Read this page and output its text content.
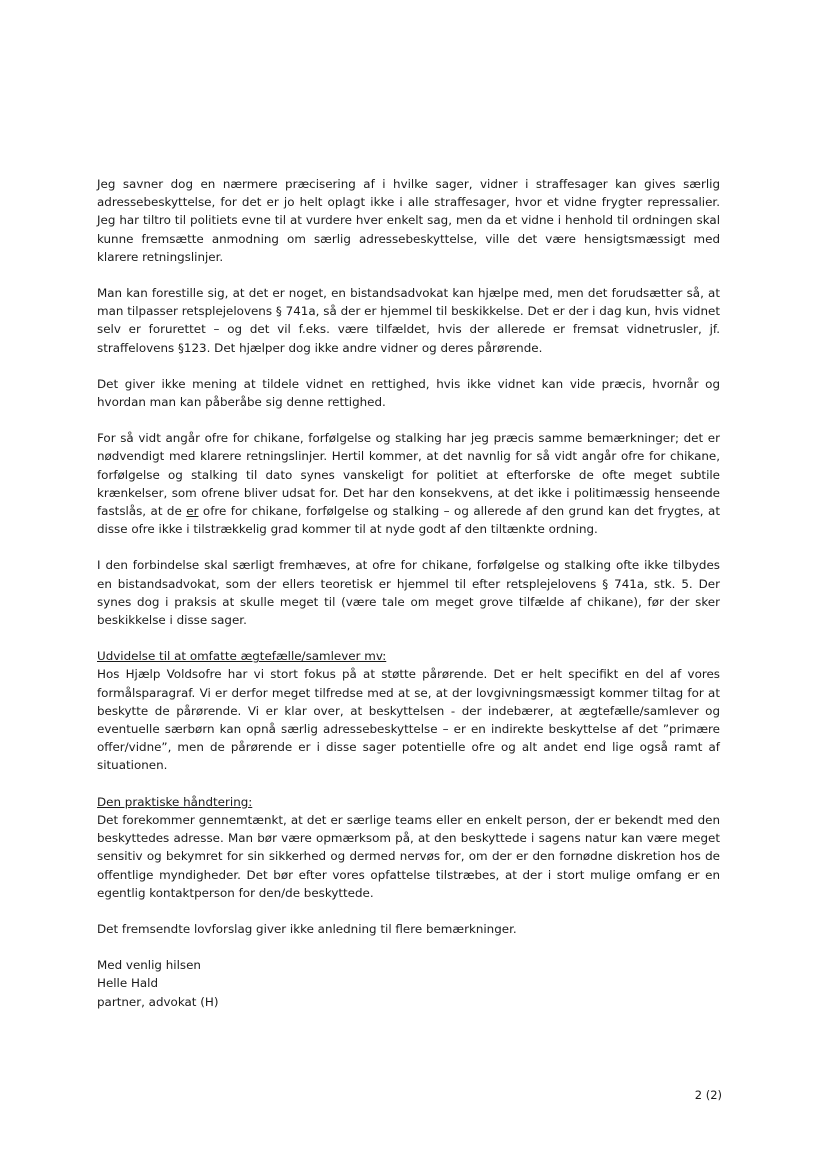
Jeg savner dog en nærmere præcisering af i hvilke sager, vidner i straffesager kan gives særlig adressebeskyttelse, for det er jo helt oplagt ikke i alle straffesager, hvor et vidne frygter repressalier. Jeg har tiltro til politiets evne til at vurdere hver enkelt sag, men da et vidne i henhold til ordningen skal kunne fremsætte anmodning om særlig adressebeskyttelse, ville det være hensigtsmæssigt med klarere retningslinjer.

Man kan forestille sig, at det er noget, en bistandsadvokat kan hjælpe med, men det forudsætter så, at man tilpasser retsplejelovens § 741a, så der er hjemmel til beskikkelse. Det er der i dag kun, hvis vidnet selv er forurettet – og det vil f.eks. være tilfældet, hvis der allerede er fremsat vidnetrusler, jf. straffelovens §123. Det hjælper dog ikke andre vidner og deres pårørende.

Det giver ikke mening at tildele vidnet en rettighed, hvis ikke vidnet kan vide præcis, hvornår og hvordan man kan påberåbe sig denne rettighed.

For så vidt angår ofre for chikane, forfølgelse og stalking har jeg præcis samme bemærkninger; det er nødvendigt med klarere retningslinjer. Hertil kommer, at det navnlig for så vidt angår ofre for chikane, forfølgelse og stalking til dato synes vanskeligt for politiet at efterforske de ofte meget subtile krænkelser, som ofrene bliver udsat for. Det har den konsekvens, at det ikke i politimæssig henseende fastslås, at de er ofre for chikane, forfølgelse og stalking – og allerede af den grund kan det frygtes, at disse ofre ikke i tilstrækkelig grad kommer til at nyde godt af den tiltænkte ordning.

I den forbindelse skal særligt fremhæves, at ofre for chikane, forfølgelse og stalking ofte ikke tilbydes en bistandsadvokat, som der ellers teoretisk er hjemmel til efter retsplejelovens § 741a, stk. 5. Der synes dog i praksis at skulle meget til (være tale om meget grove tilfælde af chikane), før der sker beskikkelse i disse sager.

Udvidelse til at omfatte ægtefælle/samlever mv:

Hos Hjælp Voldsofre har vi stort fokus på at støtte pårørende. Det er helt specifikt en del af vores formålsparagraf. Vi er derfor meget tilfredse med at se, at der lovgivningsmæssigt kommer tiltag for at beskytte de pårørende. Vi er klar over, at beskyttelsen - der indebærer, at ægtefælle/samlever og eventuelle særbørn kan opnå særlig adressebeskyttelse – er en indirekte beskyttelse af det ”primære offer/vidne”, men de pårørende er i disse sager potentielle ofre og alt andet end lige også ramt af situationen.

Den praktiske håndtering:

Det forekommer gennemtænkt, at det er særlige teams eller en enkelt person, der er bekendt med den beskyttedes adresse. Man bør være opmærksom på, at den beskyttede i sagens natur kan være meget sensitiv og bekymret for sin sikkerhed og dermed nervøs for, om der er den fornødne diskretion hos de offentlige myndigheder. Det bør efter vores opfattelse tilstræbes, at der i stort mulige omfang er en egentlig kontaktperson for den/de beskyttede.

Det fremsendte lovforslag giver ikke anledning til flere bemærkninger.

Med venlig hilsen

Helle Hald

partner, advokat (H)

2 (2)
